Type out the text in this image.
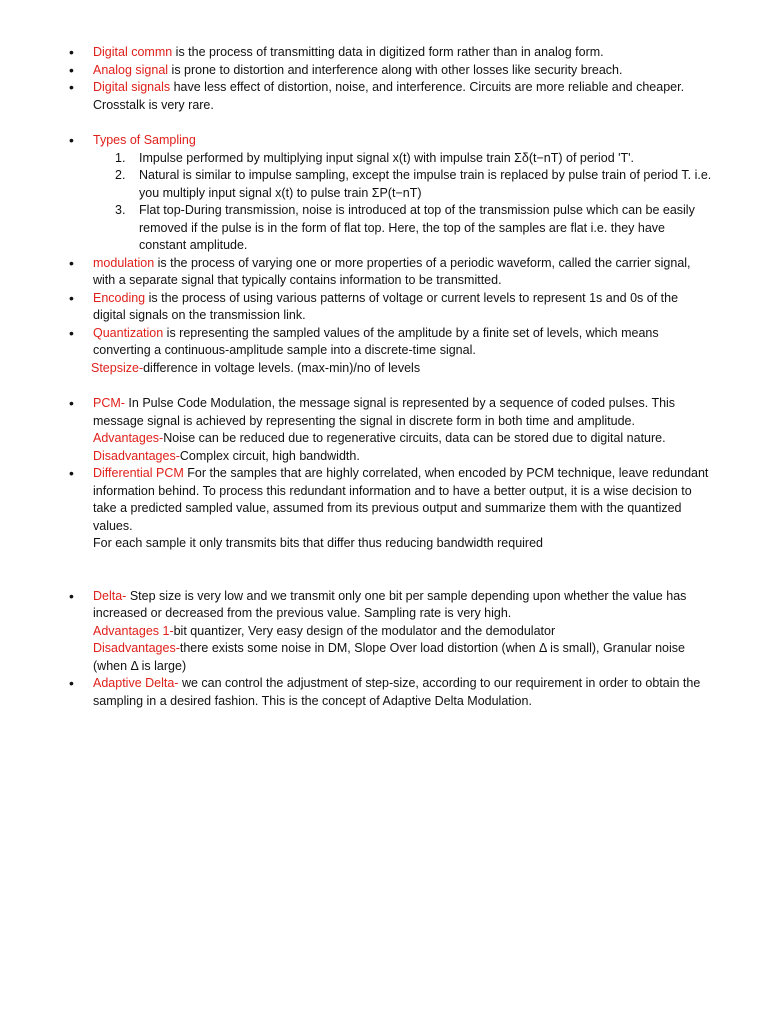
• Digital commn is the process of transmitting data in digitized form rather than in analog form.
• Analog signal is prone to distortion and interference along with other losses like security breach.
• Digital signals have less effect of distortion, noise, and interference. Circuits are more reliable and cheaper. Crosstalk is very rare.
• Types of Sampling
1. Impulse performed by multiplying input signal x(t) with impulse train Σδ(t−nT) of period 'T'.
2. Natural is similar to impulse sampling, except the impulse train is replaced by pulse train of period T. i.e. you multiply input signal x(t) to pulse train ΣP(t−nT)
3. Flat top-During transmission, noise is introduced at top of the transmission pulse which can be easily removed if the pulse is in the form of flat top. Here, the top of the samples are flat i.e. they have constant amplitude.
• modulation is the process of varying one or more properties of a periodic waveform, called the carrier signal, with a separate signal that typically contains information to be transmitted.
• Encoding is the process of using various patterns of voltage or current levels to represent 1s and 0s of the digital signals on the transmission link.
• Quantization is representing the sampled values of the amplitude by a finite set of levels, which means converting a continuous-amplitude sample into a discrete-time signal.
Stepsize-difference in voltage levels. (max-min)/no of levels
• PCM- In Pulse Code Modulation, the message signal is represented by a sequence of coded pulses. This message signal is achieved by representing the signal in discrete form in both time and amplitude.
Advantages-Noise can be reduced due to regenerative circuits, data can be stored due to digital nature.
Disadvantages-Complex circuit, high bandwidth.
• Differential PCM For the samples that are highly correlated, when encoded by PCM technique, leave redundant information behind. To process this redundant information and to have a better output, it is a wise decision to take a predicted sampled value, assumed from its previous output and summarize them with the quantized values.
For each sample it only transmits bits that differ thus reducing bandwidth required
• Delta- Step size is very low and we transmit only one bit per sample depending upon whether the value has increased or decreased from the previous value. Sampling rate is very high.
Advantages 1-bit quantizer, Very easy design of the modulator and the demodulator
Disadvantages-there exists some noise in DM, Slope Over load distortion (when Δ is small), Granular noise (when Δ is large)
• Adaptive Delta- we can control the adjustment of step-size, according to our requirement in order to obtain the sampling in a desired fashion. This is the concept of Adaptive Delta Modulation.
